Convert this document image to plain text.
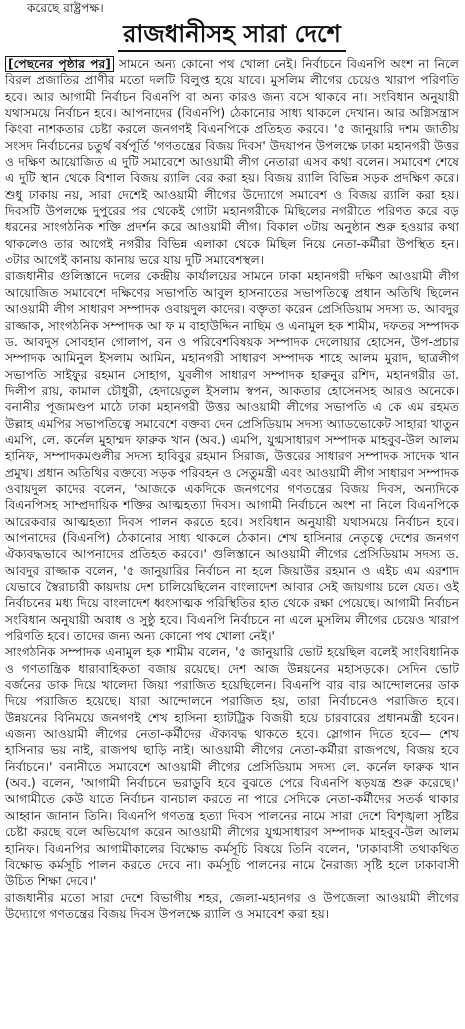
করেছে রাষ্ট্রপক্ষ।
রাজধানীসহ সারা দেশে

[পেছনের পৃষ্ঠার পর] সামনে অন্য কোনো পথ খোলা নেই। নির্বাচনে বিএনপি অংশ না নিলে বিরল প্রজাতির প্রাণীর মতো দলটি বিলুপ্ত হয়ে যাবে। মুসলিম লীগের চেয়েও খারাপ পরিণতি হবে। আর আগামী নির্বাচন বিএনপি বা অন্য কারও জন্য বসে থাকবে না। সংবিধান অনুযায়ী যথাসময়ে নির্বাচন হবে। আপনাদের (বিএনপি) ঠেকানোর সাধ্য থাকলে দেখান। আর অগ্নিসন্ত্রাস কিংবা নাশকতার চেষ্টা করলে জনগণই বিএনপিকে প্রতিহত করবে। '৫ জানুয়ারি দশম জাতীয় সংসদ নির্বাচনের চতুর্থ বর্ষপূর্তি 'গণতন্ত্রের বিজয় দিবস' উদযাপন উপলক্ষে ঢাকা মহানগরী উত্তর ও দক্ষিণ আয়োজিত এ দুটি সমাবেশে আওয়ামী লীগ নেতারা এসব কথা বলেন। সমাবেশ শেষে এ দুটি স্থান থেকে বিশাল বিজয় র‌্যালি বের করা হয়। বিজয় র‌্যালি বিভিন্ন সড়ক প্রদক্ষিণ করে। শুধু ঢাকায় নয়, সারা দেশেই আওয়ামী লীগের উদ্যোগে সমাবেশ ও বিজয় র‌্যালি করা হয়। দিবসটি উপলক্ষে দুপুরের পর থেকেই গোটা মহানগরীকে মিছিলের নগরীতে পরিণত করে বড় ধরনের সাংগঠনিক শক্তি প্রদর্শন করে আওয়ামী লীগ। বিকাল ৩টায় অনুষ্ঠান শুরু হওয়ার কথা থাকলেও তার আগেই নগরীর বিভিন্ন এলাকা থেকে মিছিল নিয়ে নেতা-কর্মীরা উপস্থিত হন। ৩টার আগেই কানায় কানায় ভরে যায় দুটি সমাবেশস্থল।

রাজধানীর গুলিস্তানে দলের কেন্দ্রীয় কার্যালয়ের সামনে ঢাকা মহানগরী দক্ষিণ আওয়ামী লীগ আয়োজিত সমাবেশে দক্ষিণের সভাপতি আবুল হাসনাতের সভাপতিত্বে প্রধান অতিথি ছিলেন আওয়ামী লীগ সাধারণ সম্পাদক ওবায়দুল কাদের। বক্তৃতা করেন প্রেসিডিয়াম সদস্য ড. আবদুর রাজ্জাক, সাংগঠনিক সম্পাদক আ ফ ম বাহাউদ্দিন নাছিম ও এনামুল হক শামীম, দফতর সম্পাদক ড. আবদুস সোবহান গোলাপ, বন ও পরিবেশবিষয়ক সম্পাদক দেলোয়ার হোসেন, উপ-প্রচার সম্পাদক আমিনুল ইসলাম আমিন, মহানগরী সাধারণ সম্পাদক শাহে আলম মুরাদ, ছাত্রলীগ সভাপতি সাইফুর রহমান সোহাগ, যুবলীগ সাধারণ সম্পাদক হারুনুর রশিদ, মহানগরীর ডা. দিলীপ রায়, কামাল চৌধুরী, হেদায়েতুল ইসলাম স্বপন, আকতার হোসেনসহ আরও অনেকে। বনানীর পূজামণ্ডপ মাঠে ঢাকা মহানগরী উত্তর আওয়ামী লীগের সভাপতি এ কে এম রহমত উল্লাহ এমপির সভাপতিত্বে সমাবেশে বক্তব্য দেন প্রেসিডিয়াম সদস্য অ্যাডভোকেট সাহারা খাতুন এমপি, লে. কর্নেল মুহাম্মদ ফারুক খান (অব.) এমপি, যুগ্মসাধারণ সম্পাদক মাহবুব-উল আলম হানিফ, সম্পাদকমণ্ডলীর সদস্য হাবিবুর রহমান সিরাজ, উত্তরের সাধারণ সম্পাদক সাদেক খান প্রমুখ। প্রধান অতিথির বক্তব্যে সড়ক পরিবহন ও সেতুমন্ত্রী এবং আওয়ামী লীগ সাধারণ সম্পাদক ওবায়দুল কাদের বলেন, 'আজকে একদিকে জনগণের গণতন্ত্রের বিজয় দিবস, অন্যদিকে বিএনপিসহ সাম্প্রদায়িক শক্তির আত্মহত্যা দিবস। আগামী নির্বাচনে অংশ না নিলে বিএনপিকে আরেকবার আত্মহত্যা দিবস পালন করতে হবে। সংবিধান অনুযায়ী যথাসময়ে নির্বাচন হবে। আপনাদের (বিএনপি) ঠেকানোর সাধ্য থাকলে ঠেকান। শেখ হাসিনার নেতৃত্বে দেশের জনগণ ঐক্যবদ্ধভাবে আপনাদের প্রতিহত করবে।' গুলিস্তানে আওয়ামী লীগের প্রেসিডিয়াম সদস্য ড. আবদুর রাজ্জাক বলেন, '৫ জানুয়ারির নির্বাচন না হলে জিয়াউর রহমান ও এইচ এম এরশাদ যেভাবে স্বৈরাচারী কায়দায় দেশ চালিয়েছিলেন বাংলাদেশ আবার সেই জায়গায় চলে যেত। ওই নির্বাচনের মধ্য দিয়ে বাংলাদেশ ধ্বংসাত্মক পরিস্থিতির হাত থেকে রক্ষা পেয়েছে। আগামী নির্বাচন সংবিধান অনুযায়ী অবাধ ও সুষ্ঠু হবে। বিএনপি নির্বাচনে না এলে মুসলিম লীগের চেয়েও খারাপ পরিণতি হবে। তাদের জন্য অন্য কোনো পথ খোলা নেই।'

সাংগঠনিক সম্পাদক এনামুল হক শামীম বলেন, '৫ জানুয়ারি ভোট হয়েছিল বলেই সাংবিধানিক ও গণতান্ত্রিক ধারাবাহিকতা বজায় রয়েছে। দেশ আজ উন্নয়নের মহাসড়কে। সেদিন ভোট বর্জনের ডাক দিয়ে খালেদা জিয়া পরাজিত হয়েছিলেন। বিএনপি বার বার আন্দোলনের ডাক দিয়ে পরাজিত হয়েছে। যারা আন্দোলনে পরাজিত হয়, তারা নির্বাচনেও পরাজিত হবে। উন্নয়নের বিনিময়ে জনগণই শেখ হাসিনা হ্যাটট্রিক বিজয়ী হয়ে চারবারের প্রধানমন্ত্রী হবেন। এজন্য আওয়ামী লীগের নেতা-কর্মীদের ঐক্যবদ্ধ থাকতে হবে। স্লোগান দিতে হবে— শেখ হাসিনার ভয় নাই, রাজপথ ছাড়ি নাই। আওয়ামী লীগের নেতা-কর্মীরা রাজপথে, বিজয় হবে নির্বাচনে।' বনানীতে সমাবেশে আওয়ামী লীগের প্রেসিডিয়াম সদস্য লে. কর্নেল ফারুক খান (অব.) বলেন, 'আগামী নির্বাচনে ভরাডুবি হবে বুঝতে পেরে বিএনপি ষড়যন্ত্র শুরু করেছে।' আগামীতে কেউ যাতে নির্বাচন বানচাল করতে না পারে সেদিকে নেতা-কর্মীদের সতর্ক থাকার আহ্বান জানান তিনি। বিএনপি গণতন্ত্র হত্যা দিবস পালনের নামে সারা দেশে বিশৃঙ্খলা সৃষ্টির চেষ্টা করছে বলে অভিযোগ করেন আওয়ামী লীগের যুগ্মসাধারণ সম্পাদক মাহবুব-উল আলম হানিফ। বিএনপির আগামীকালের বিক্ষোভ কর্মসূচি বিষয়ে তিনি বলেন, 'ঢাকাবাসী তথাকথিত বিক্ষোভ কর্মসূচি পালন করতে দেবে না। কর্মসূচি পালনের নামে নৈরাজ্য সৃষ্টি হলে ঢাকাবাসী উচিত শিক্ষা দেবে।'

রাজধানীর মতো সারা দেশে বিভাগীয় শহর, জেলা-মহানগর ও উপজেলা আওয়ামী লীগের উদ্যোগে গণতন্ত্রের বিজয় দিবস উপলক্ষে র‌্যালি ও সমাবেশ করা হয়।
